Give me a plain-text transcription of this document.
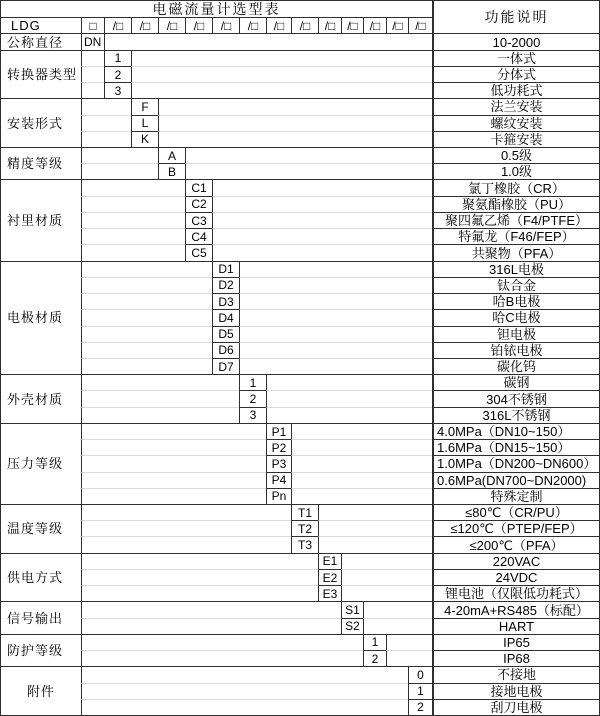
电磁流量计选型表
功能说明
LDG	□	/□	/□	/□	/□	/□	/□	/□	/□	/□ /□ /□ /□	/□
公称直径	DN	10-2000
转换器类型
1	一体式
2	分体式
3	低功耗式
安装形式
F	法兰安装
L	螺纹安装
K	卡箍安装
精度等级
A	0.5级
B	1.0级
衬里材质
C1	氯丁橡胶（CR）
C2	聚氨酯橡胶（PU）
C3	聚四氟乙烯（F4/PTFE）
C4	特氟龙（F46/FEP）
C5	共聚物（PFA）
电极材质
D1	316L电极
D2	钛合金
D3	哈B电极
D4	哈C电极
D5	钽电极
D6	铂铱电极
D7	碳化钨
外壳材质
1	碳钢
2	304不锈钢
3	316L不锈钢
压力等级
P1	4.0MPa（DN10~150）
P2	1.6MPa（DN15~150）
P3	1.0MPa（DN200~DN600）
P4	0.6MPa(DN700~DN2000)
Pn	特殊定制
温度等级
T1	≤80℃（CR/PU）
T2	≤120℃（PTEP/FEP）
T3	≤200℃（PFA）
供电方式
E1	220VAC
E2	24VDC
E3	锂电池（仅限低功耗式）
信号输出
S1	4-20mA+RS485（标配）
S2	HART
防护等级
1	IP65
2	IP68
附件
0	不接地
1	接地电极
2	刮刀电极
